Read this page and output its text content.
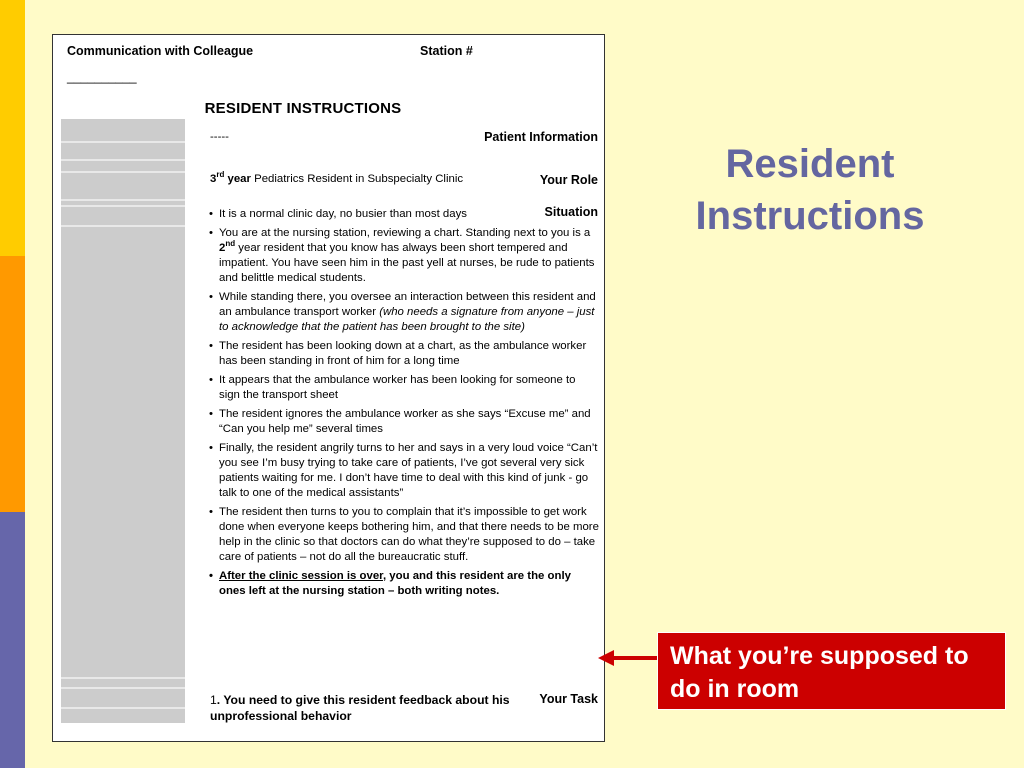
Communication with Colleague	Station #
__________
RESIDENT INSTRUCTIONS
Patient Information
Your Role
Situation
Your Task
-----
3rd year Pediatrics Resident in Subspecialty Clinic
• It is a normal clinic day, no busier than most days
• You are at the nursing station, reviewing a chart. Standing next to you is a 2nd year resident that you know has always been short tempered and impatient. You have seen him in the past yell at nurses, be rude to patients and belittle medical students.
• While standing there, you oversee an interaction between this resident and an ambulance transport worker (who needs a signature from anyone – just to acknowledge that the patient has been brought to the site)
• The resident has been looking down at a chart, as the ambulance worker has been standing in front of him for a long time
• It appears that the ambulance worker has been looking for someone to sign the transport sheet
• The resident ignores the ambulance worker as she says “Excuse me” and “Can you help me” several times
• Finally, the resident angrily turns to her and says in a very loud voice “Can’t you see I’m busy trying to take care of patients, I’ve got several very sick patients waiting for me. I don’t have time to deal with this kind of junk - go talk to one of the medical assistants”
• The resident then turns to you to complain that it’s impossible to get work done when everyone keeps bothering him, and that there needs to be more help in the clinic so that doctors can do what they’re supposed to do – take care of patients – not do all the bureaucratic stuff.
• After the clinic session is over, you and this resident are the only ones left at the nursing station – both writing notes.
1. You need to give this resident feedback about his unprofessional behavior
Resident
Instructions
What you’re supposed to do in room
